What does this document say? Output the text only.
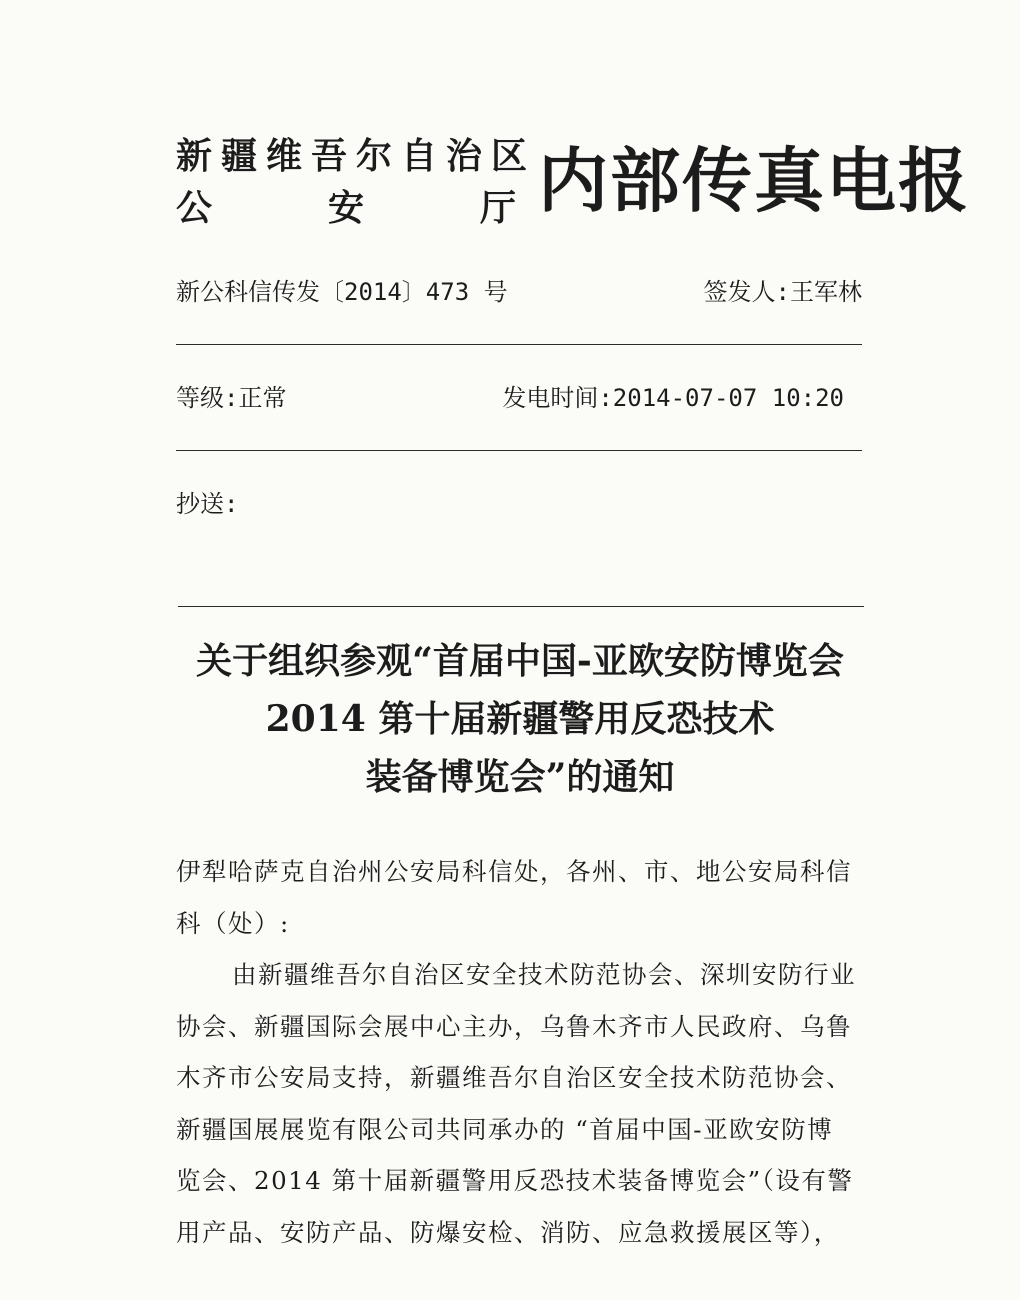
新疆维吾尔自治区
公	安	厅 内部传真电报
新公科信传发〔2014〕473 号	签发人:王军林
等级:正常	发电时间:2014-07-07 10:20
抄送:
关于组织参观“首届中国-亚欧安防博览会
2014 第十届新疆警用反恐技术
装备博览会”的通知
伊犁哈萨克自治州公安局科信处，各州、市、地公安局科信
科（处）:
由新疆维吾尔自治区安全技术防范协会、深圳安防行业
协会、新疆国际会展中心主办，乌鲁木齐市人民政府、乌鲁
木齐市公安局支持，新疆维吾尔自治区安全技术防范协会、
新疆国展展览有限公司共同承办的 “首届中国-亚欧安防博
览会、2014 第十届新疆警用反恐技术装备博览会”（设有警
用产品、安防产品、防爆安检、消防、应急救援展区等），
